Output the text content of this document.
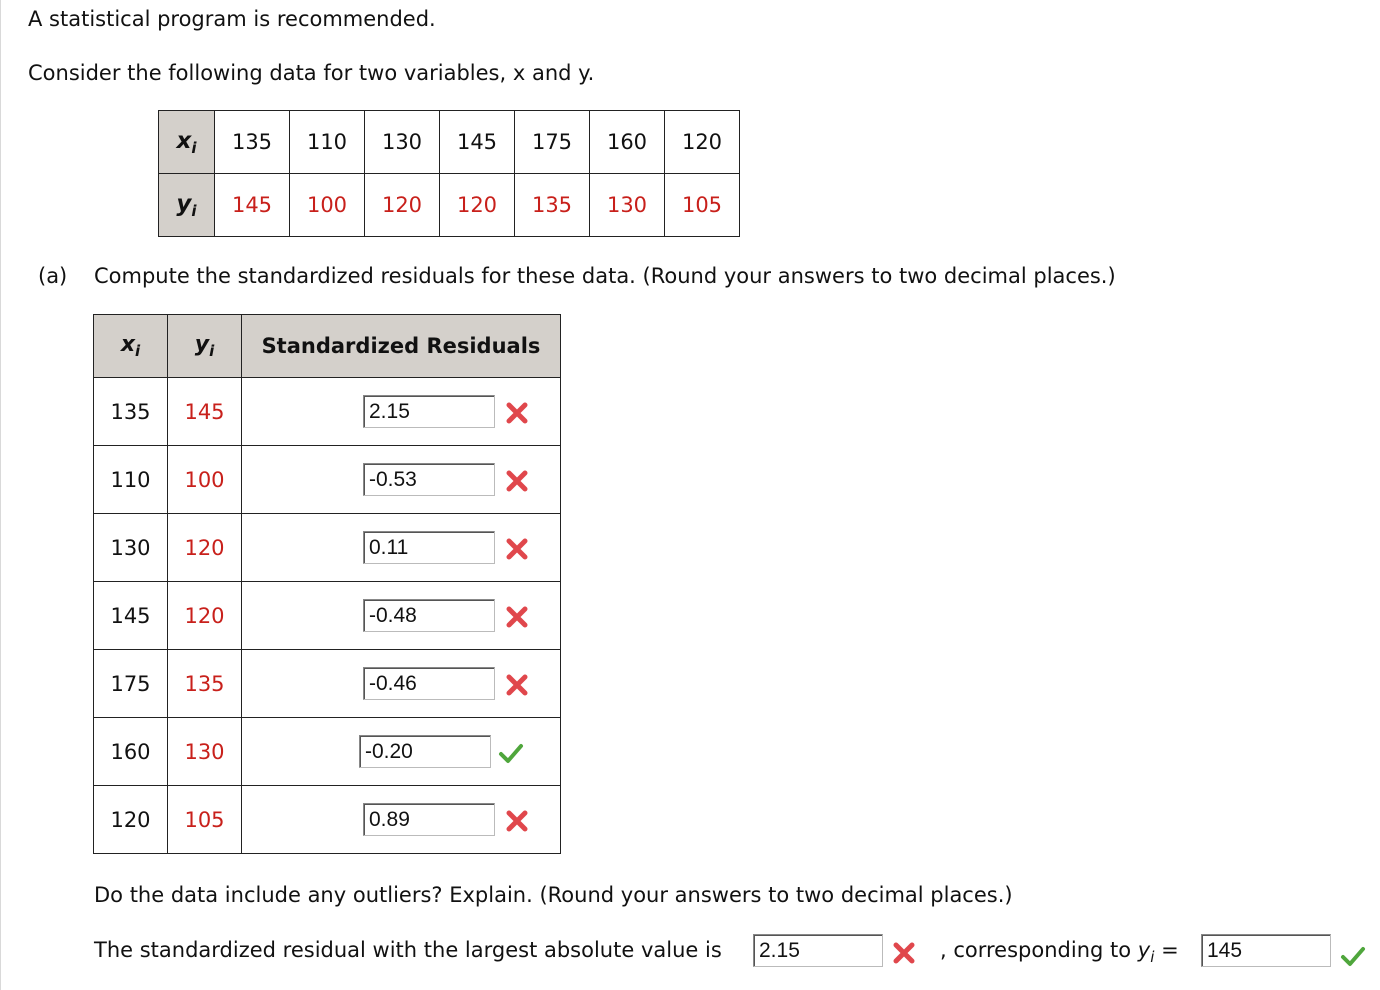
A statistical program is recommended.
Consider the following data for two variables, x and y.
$x_i$	135	110	130	145	175	160	120
$y_i$	145	100	120	120	135	130	105
(a) Compute the standardized residuals for these data. (Round your answers to two decimal places.)
$x_i$	$y_i$	Standardized Residuals
135	145	2.15

110	100	-0.53

130	120	0.11

145	120	-0.48

175	135	-0.46

160	130	-0.20

120	105	0.89
Do the data include any outliers? Explain. (Round your answers to two decimal places.)
The standardized residual with the largest absolute value is 2.15	, corresponding to $y_i = 145$
